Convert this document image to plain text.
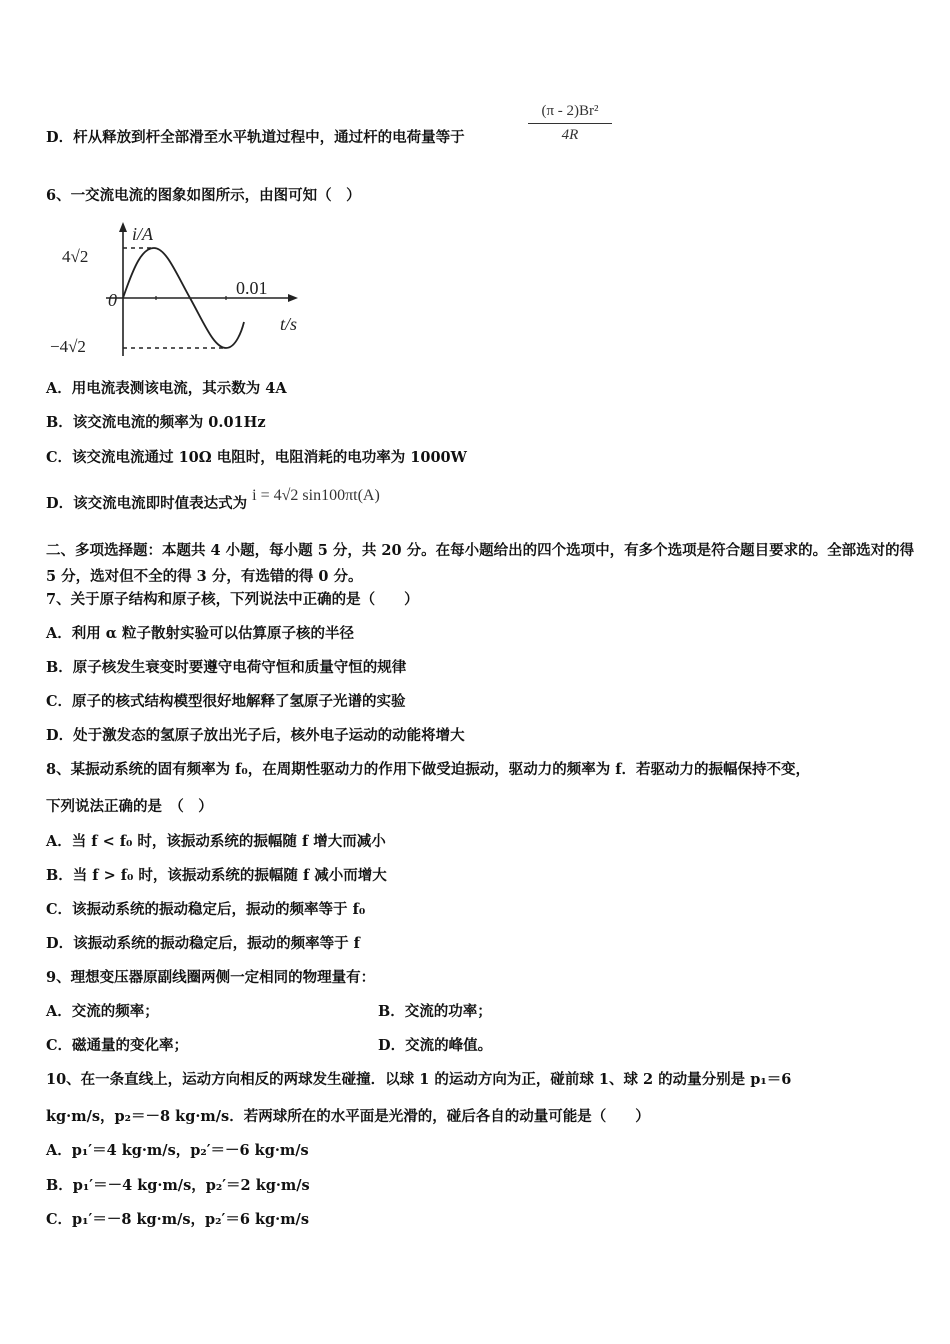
D．杆从释放到杆全部滑至水平轨道过程中，通过杆的电荷量等于	$\frac{\text{(π - 2)Br²}}{4R}$
6、一交流电流的图象如图所示，由图可知（　）
i/A
4√2
−4√2
0
0.01
t/s
A．用电流表测该电流，其示数为 4A
B．该交流电流的频率为 0.01Hz
C．该交流电流通过 10Ω 电阻时，电阻消耗的电功率为 1000W
D．该交流电流即时值表达式为 i = 4√2 sin100πt(A)
二、多项选择题：本题共 4 小题，每小题 5 分，共 20 分。在每小题给出的四个选项中，有多个选项是符合题目要求的。全部选对的得 5 分，选对但不全的得 3 分，有选错的得 0 分。
7、关于原子结构和原子核，下列说法中正确的是（　　）
A．利用 α 粒子散射实验可以估算原子核的半径
B．原子核发生衰变时要遵守电荷守恒和质量守恒的规律
C．原子的核式结构模型很好地解释了氢原子光谱的实验
D．处于激发态的氢原子放出光子后，核外电子运动的动能将增大
8、某振动系统的固有频率为 f₀，在周期性驱动力的作用下做受迫振动，驱动力的频率为 f．若驱动力的振幅保持不变，
下列说法正确的是　（　）
A．当 f < f₀ 时，该振动系统的振幅随 f 增大而减小
B．当 f > f₀ 时，该振动系统的振幅随 f 减小而增大
C．该振动系统的振动稳定后，振动的频率等于 f₀
D．该振动系统的振动稳定后，振动的频率等于 f
9、理想变压器原副线圈两侧一定相同的物理量有：
A．交流的频率；	B．交流的功率；
C．磁通量的变化率；	D．交流的峰值。
10、在一条直线上，运动方向相反的两球发生碰撞．以球 1 的运动方向为正，碰前球 1、球 2 的动量分别是 p₁＝6
kg·m/s，p₂＝－8 kg·m/s．若两球所在的水平面是光滑的，碰后各自的动量可能是（　　）
A．p₁′＝4 kg·m/s，p₂′＝－6 kg·m/s
B．p₁′＝－4 kg·m/s，p₂′＝2 kg·m/s
C．p₁′＝－8 kg·m/s，p₂′＝6 kg·m/s
